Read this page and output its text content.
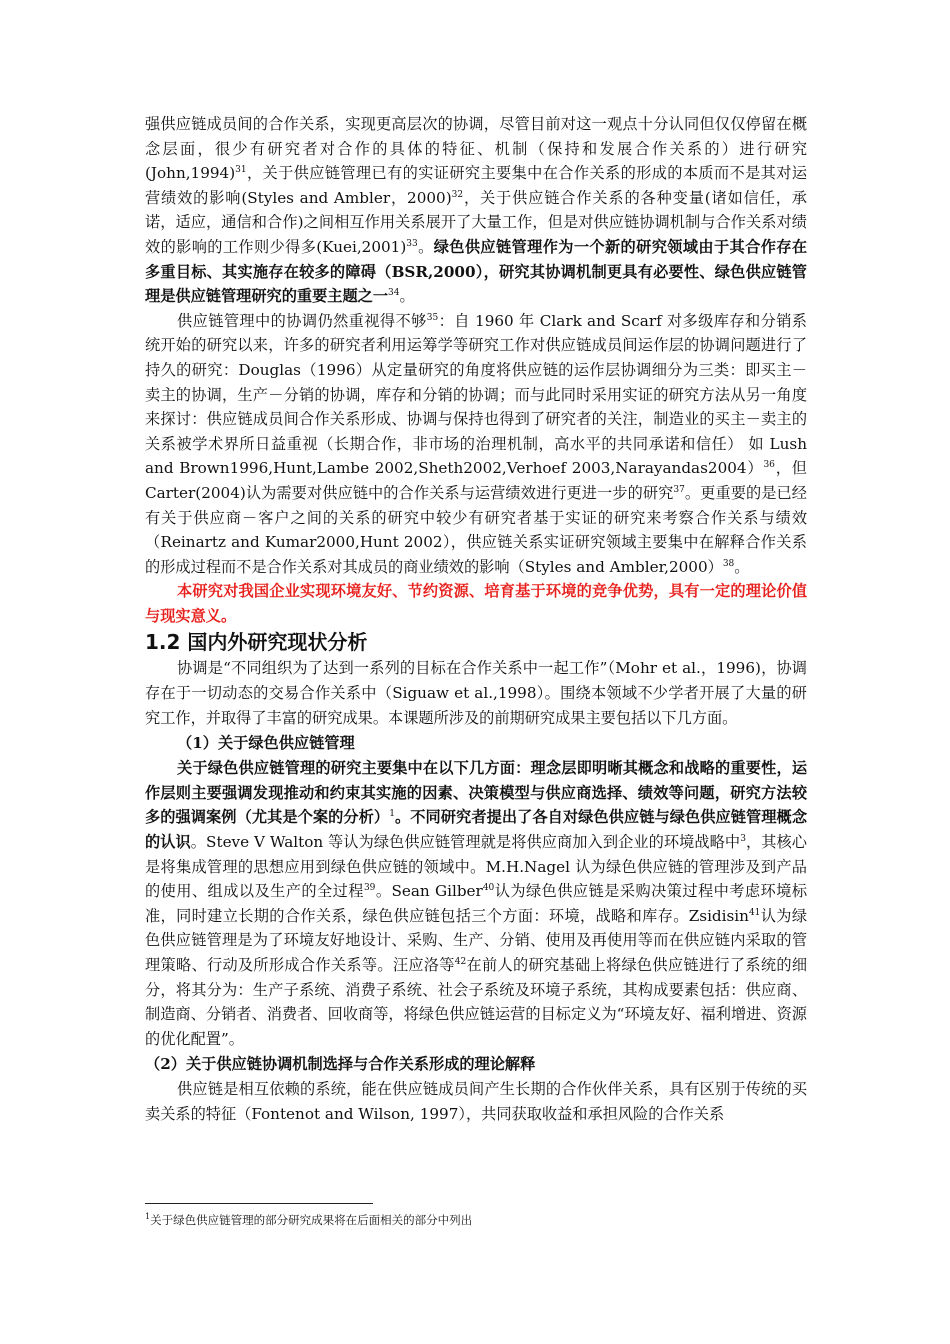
强供应链成员间的合作关系，实现更高层次的协调，尽管目前对这一观点十分认同但仅仅停留在概念层面，很少有研究者对合作的具体的特征、机制（保持和发展合作关系的）进行研究(John,1994)$^{31}$，关于供应链管理已有的实证研究主要集中在合作关系的形成的本质而不是其对运营绩效的影响(Styles and Ambler，2000)$^{32}$，关于供应链合作关系的各种变量(诸如信任，承诺，适应，通信和合作)之间相互作用关系展开了大量工作，但是对供应链协调机制与合作关系对绩效的影响的工作则少得多(Kuei,2001)$^{33}$。绿色供应链管理作为一个新的研究领域由于其合作存在多重目标、其实施存在较多的障碍（BSR,2000），研究其协调机制更具有必要性、绿色供应链管理是供应链管理研究的重要主题之一$^{34}$。

供应链管理中的协调仍然重视得不够$^{35}$：自 1960 年 Clark and Scarf 对多级库存和分销系统开始的研究以来，许多的研究者利用运筹学等研究工作对供应链成员间运作层的协调问题进行了持久的研究：Douglas（1996）从定量研究的角度将供应链的运作层协调细分为三类：即买主－卖主的协调，生产－分销的协调，库存和分销的协调；而与此同时采用实证的研究方法从另一角度来探讨：供应链成员间合作关系形成、协调与保持也得到了研究者的关注，制造业的买主－卖主的关系被学术界所日益重视（长期合作，非市场的治理机制，高水平的共同承诺和信任） 如 Lush and Brown1996,Hunt,Lambe 2002,Sheth2002,Verhoef 2003,Narayandas2004）$^{36}$，但 Carter(2004)认为需要对供应链中的合作关系与运营绩效进行更进一步的研究$^{37}$。更重要的是已经有关于供应商－客户之间的关系的研究中较少有研究者基于实证的研究来考察合作关系与绩效（Reinartz and Kumar2000,Hunt 2002），供应链关系实证研究领域主要集中在解释合作关系的形成过程而不是合作关系对其成员的商业绩效的影响（Styles and Ambler,2000）$^{38}$。

本研究对我国企业实现环境友好、节约资源、培育基于环境的竞争优势，具有一定的理论价值与现实意义。

1.2 国内外研究现状分析

协调是“不同组织为了达到一系列的目标在合作关系中一起工作”（Mohr et al.，1996)，协调存在于一切动态的交易合作关系中（Siguaw et al.,1998）。围绕本领域不少学者开展了大量的研究工作，并取得了丰富的研究成果。本课题所涉及的前期研究成果主要包括以下几方面。

（1）关于绿色供应链管理

关于绿色供应链管理的研究主要集中在以下几方面：理念层即明晰其概念和战略的重要性，运作层则主要强调发现推动和约束其实施的因素、决策模型与供应商选择、绩效等问题，研究方法较多的强调案例（尤其是个案的分析）$^1$。不同研究者提出了各自对绿色供应链与绿色供应链管理概念的认识。Steve V Walton 等认为绿色供应链管理就是将供应商加入到企业的环境战略中$^3$，其核心是将集成管理的思想应用到绿色供应链的领域中。M.H.Nagel 认为绿色供应链的管理涉及到产品的使用、组成以及生产的全过程$^{39}$。Sean Gilber$^{40}$认为绿色供应链是采购决策过程中考虑环境标准，同时建立长期的合作关系，绿色供应链包括三个方面：环境，战略和库存。Zsidisin$^{41}$认为绿色供应链管理是为了环境友好地设计、采购、生产、分销、使用及再使用等而在供应链内采取的管理策略、行动及所形成合作关系等。汪应洛等$^{42}$在前人的研究基础上将绿色供应链进行了系统的细分，将其分为：生产子系统、消费子系统、社会子系统及环境子系统，其构成要素包括：供应商、制造商、分销者、消费者、回收商等，将绿色供应链运营的目标定义为“环境友好、福利增进、资源的优化配置”。

（2）关于供应链协调机制选择与合作关系形成的理论解释

供应链是相互依赖的系统，能在供应链成员间产生长期的合作伙伴关系，具有区别于传统的买卖关系的特征（Fontenot and Wilson, 1997），共同获取收益和承担风险的合作关系

$^1$关于绿色供应链管理的部分研究成果将在后面相关的部分中列出
